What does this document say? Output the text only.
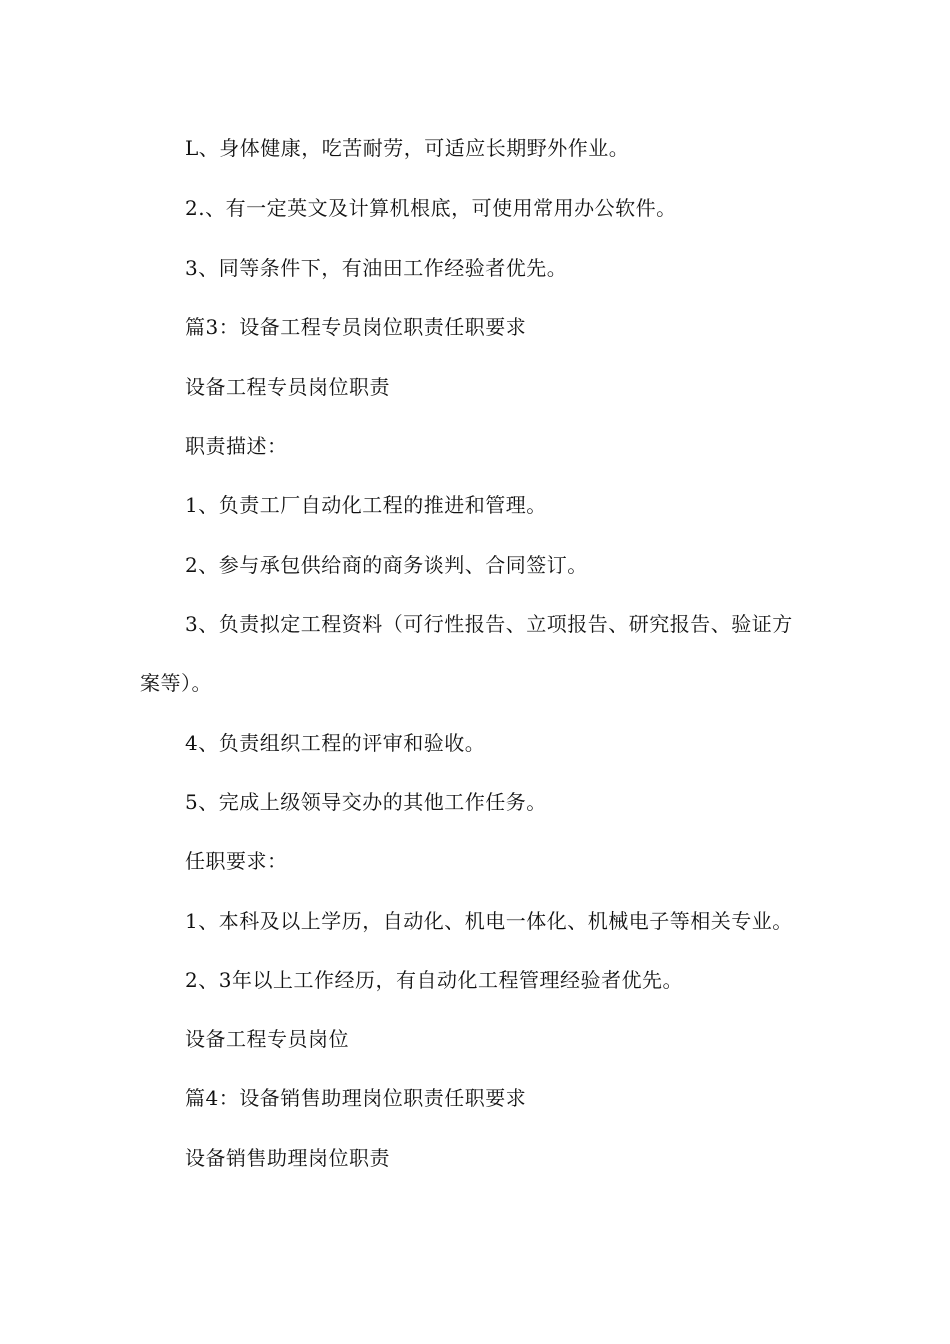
L、身体健康，吃苦耐劳，可适应长期野外作业。

2.、有一定英文及计算机根底，可使用常用办公软件。

3、同等条件下，有油田工作经验者优先。

篇3：设备工程专员岗位职责任职要求

设备工程专员岗位职责

职责描述：

1、负责工厂自动化工程的推进和管理。

2、参与承包供给商的商务谈判、合同签订。

3、负责拟定工程资料（可行性报告、立项报告、研究报告、验证方案等）。

4、负责组织工程的评审和验收。

5、完成上级领导交办的其他工作任务。

任职要求：

1、本科及以上学历，自动化、机电一体化、机械电子等相关专业。

2、3年以上工作经历，有自动化工程管理经验者优先。

设备工程专员岗位

篇4：设备销售助理岗位职责任职要求

设备销售助理岗位职责
